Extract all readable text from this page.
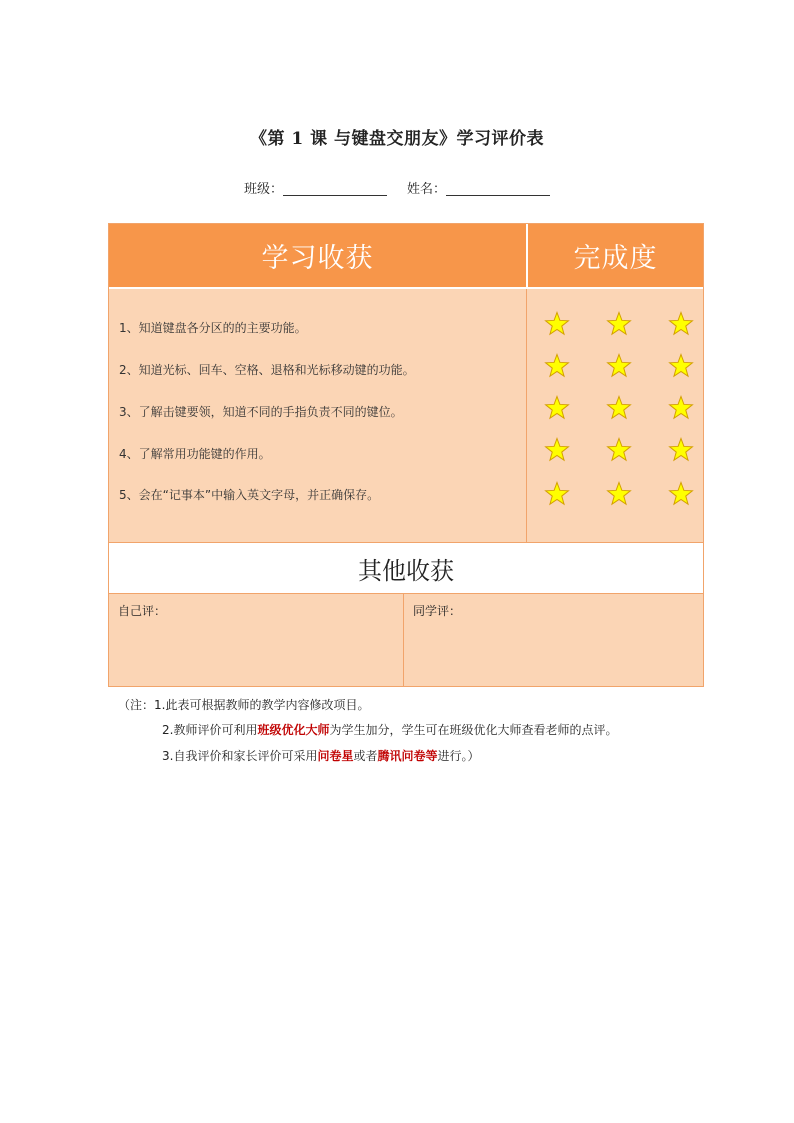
《第 1 课 与键盘交朋友》学习评价表
班级：	姓名：
学习收获	完成度
1、知道键盘各分区的的主要功能。
2、知道光标、回车、空格、退格和光标移动键的功能。
3、了解击键要领，知道不同的手指负责不同的键位。
4、了解常用功能键的作用。
5、会在“记事本”中输入英文字母，并正确保存。
其他收获
自己评：	同学评：
（注：1.此表可根据教师的教学内容修改项目。
2.教师评价可利用班级优化大师为学生加分，学生可在班级优化大师查看老师的点评。
3.自我评价和家长评价可采用问卷星或者腾讯问卷等进行。）
